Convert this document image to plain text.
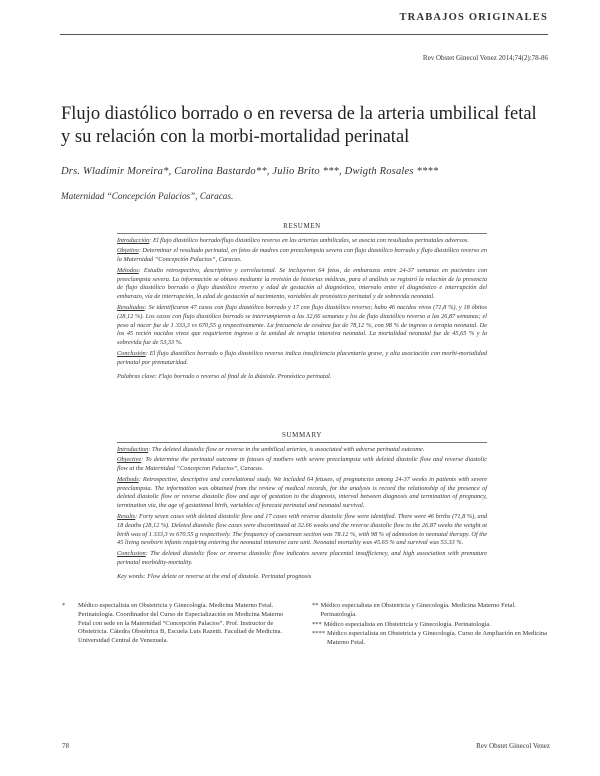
TRABAJOS ORIGINALES
Rev Obstet Ginecol Venez 2014;74(2):78-86
Flujo diastólico borrado o en reversa de la arteria umbilical fetal y su relación con la morbi-mortalidad perinatal
Drs. Wladimir Moreira*, Carolina Bastardo**, Julio Brito ***, Dwigth Rosales ****
Maternidad “Concepción Palacios”, Caracas.
RESUMEN

Introducción: El flujo diastólico borrado/flujo diastólico reverso en las arterias umbilicales, se asocia con resultados perinatales adversos.

Objetivo: Determinar el resultado perinatal, en fetos de madres con preeclampsia severa con flujo diastólico borrado y flujo diastólico reverso en la Maternidad “Concepción Palacios”, Caracas.

Métodos: Estudio retrospectivo, descriptivo y correlacional. Se incluyeron 64 fetos, de embarazos entre 24-37 semanas en pacientes con preeclampsia severa. La información se obtuvo mediante la revisión de historias médicas, para el análisis se registró la relación de la presencia de flujo diastólico borrado o flujo diastólico reverso y edad de gestación al diagnóstico, intervalo entre el diagnóstico e interrupción del embarazo, vía de interrupción, la edad de gestación al nacimiento, variables de pronóstico perinatal y de sobrevida neonatal.

Resultados: Se identificaron 47 casos con flujo diastólico borrado y 17 con flujo diastólico reverso; hubo 46 nacidos vivos (71,8 %), y 18 óbitos (28,12 %). Los casos con flujo diastólico borrado se interrumpieron a las 32,66 semanas y los de flujo diastólico reverso a las 26,87 semanas; el peso al nacer fue de 1 333,3 vs 670,55 g respectivamente. La frecuencia de cesárea fue de 78,12 %, con 98 % de ingreso a terapia neonatal. De los 45 recién nacidos vivos que requirieron ingreso a la unidad de terapia intensiva neonatal. La mortalidad neonatal fue de 45,65 % y la sobrevida fue de 53,33 %.

Conclusión: El flujo diastólico borrado o flujo diastólico reverso indica insuficiencia placentaria grave, y alta asociación con morbi-mortalidad perinatal por prematuridad.

Palabras clave: Flujo borrado o reverso al final de la diástole. Pronóstico perinatal.

SUMMARY

Introduction: The deleted diastolic flow or reverse in the umbilical arteries, is associated with adverse perinatal outcome.

Objective: To determine the perinatal outcome in fetuses of mothers with severe preeclampsia with deleted diastolic flow and reverse diastolic flow at the Maternidad “Concepcion Palacios”, Caracas.

Methods: Retrospective, descriptive and correlational study. We included 64 fetuses, of pregnancies among 24-37 weeks in patients with severe preeclampsia. The information was obtained from the review of medical records, for the analysis is record the relationship of the presence of deleted diastolic flow or reverse diastolic flow and age of gestation to the diagnosis, interval between diagnosis and termination of pregnancy, termination via, the age of gestational birth, variables of forecast perinatal and neonatal survival.

Results: Forty seven cases with deleted diastolic flow and 17 cases with reverse diastolic flow were identified. There were 46 births (71,8 %), and 18 deaths (28,12 %). Deleted diastolic flow cases were discontinued at 32.66 weeks and the reverse diastolic flow to the 26.87 weeks the weight at birth was of 1 333,3 vs 670.55 g respectively. The frequency of caesarean section was 78.12 %, with 98 % of admission to neonatal therapy. Of the 45 living newborn infants requiring entering the neonatal intensive care unit. Neonatal mortality was 45.65 % and survival was 53.33 %.

Conclusion: The deleted diastolic flow or reverse diastolic flow indicates severe placental insufficiency, and high association with premature perinatal morbidity-mortality.

Key words: Flow delete or reverse at the end of diastole. Perinatal prognosis

*	Médico especialista en Obstetricia y Ginecología. Medicina Materno Fetal. Perinatología. Coordinador del Curso de Especialización en Medicina Materno Fetal con sede en la Maternidad “Concepción Palacios”. Prof. Instructor de Obstetricia. Cátedra Obstétrica B, Escuela Luis Razetti. Facultad de Medicina. Universidad Central de Venezuela.
** Médico especialista en Obstetricia y Ginecología. Medicina Materno Fetal. Perinatología.
*** Médico especialista en Obstetricia y Ginecología. Perinatología.
**** Médico especialista en Obstetricia y Ginecología. Curso de Ampliación en Medicina Materno Fetal.
78	Rev Obstet Ginecol Venez
